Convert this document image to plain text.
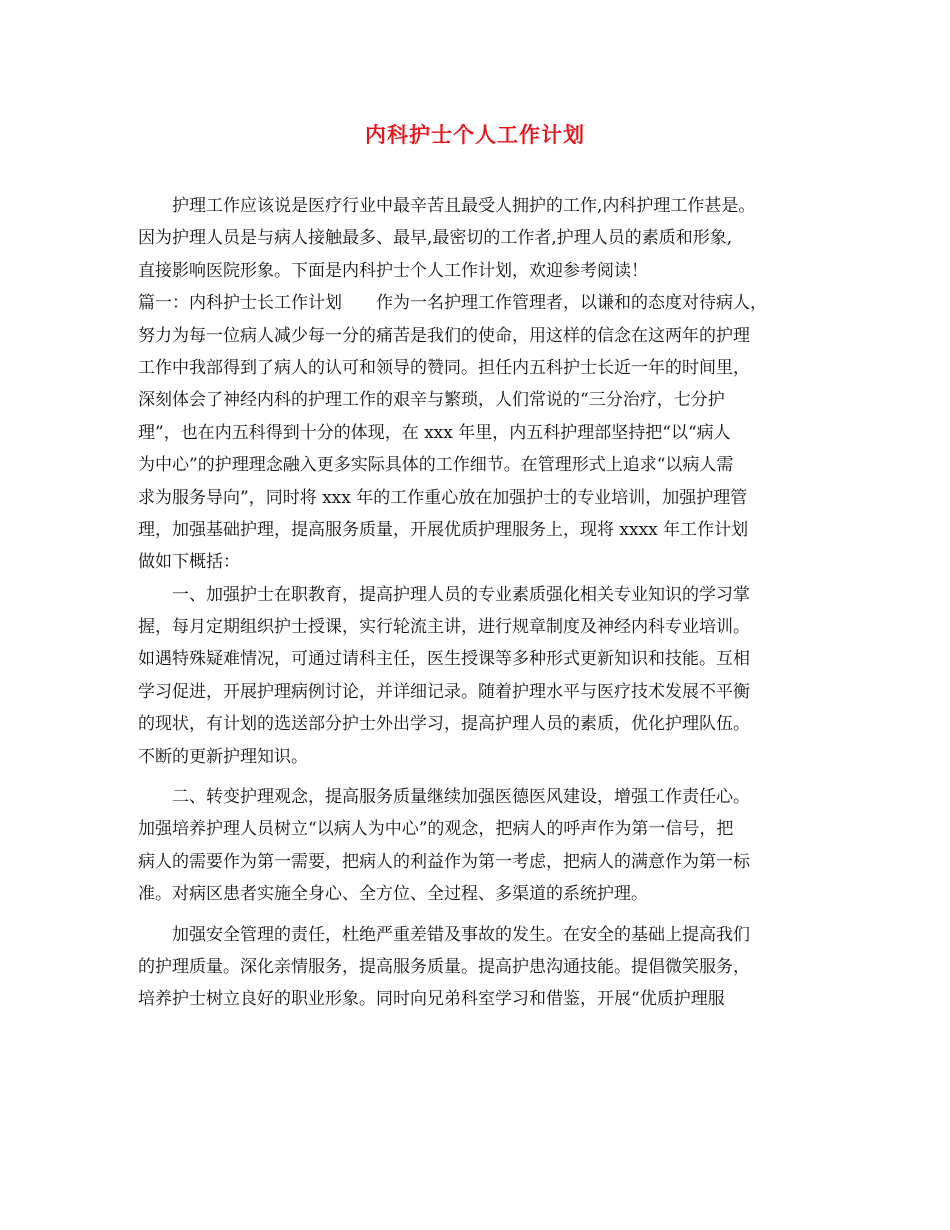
内科护士个人工作计划
　　护理工作应该说是医疗行业中最辛苦且最受人拥护的工作,内科护理工作甚是。
因为护理人员是与病人接触最多、最早,最密切的工作者,护理人员的素质和形象,
直接影响医院形象。下面是内科护士个人工作计划，欢迎参考阅读！
篇一：内科护士长工作计划　　作为一名护理工作管理者，以谦和的态度对待病人，
努力为每一位病人减少每一分的痛苦是我们的使命，用这样的信念在这两年的护理
工作中我部得到了病人的认可和领导的赞同。担任内五科护士长近一年的时间里，
深刻体会了神经内科的护理工作的艰辛与繁琐，人们常说的“三分治疗，七分护
理”，也在内五科得到十分的体现，在 xxx 年里，内五科护理部坚持把“以“病人
为中心”的护理理念融入更多实际具体的工作细节。在管理形式上追求“以病人需
求为服务导向”，同时将 xxx 年的工作重心放在加强护士的专业培训，加强护理管
理，加强基础护理，提高服务质量，开展优质护理服务上，现将 xxxx 年工作计划
做如下概括：
　　一、加强护士在职教育，提高护理人员的专业素质强化相关专业知识的学习掌
握，每月定期组织护士授课，实行轮流主讲，进行规章制度及神经内科专业培训。
如遇特殊疑难情况，可通过请科主任，医生授课等多种形式更新知识和技能。互相
学习促进，开展护理病例讨论，并详细记录。随着护理水平与医疗技术发展不平衡
的现状，有计划的选送部分护士外出学习，提高护理人员的素质，优化护理队伍。
不断的更新护理知识。
　　二、转变护理观念，提高服务质量继续加强医德医风建设，增强工作责任心。
加强培养护理人员树立“以病人为中心”的观念，把病人的呼声作为第一信号，把
病人的需要作为第一需要，把病人的利益作为第一考虑，把病人的满意作为第一标
准。对病区患者实施全身心、全方位、全过程、多渠道的系统护理。
　　加强安全管理的责任，杜绝严重差错及事故的发生。在安全的基础上提高我们
的护理质量。深化亲情服务，提高服务质量。提高护患沟通技能。提倡微笑服务，
培养护士树立良好的职业形象。同时向兄弟科室学习和借鉴，开展“优质护理服
